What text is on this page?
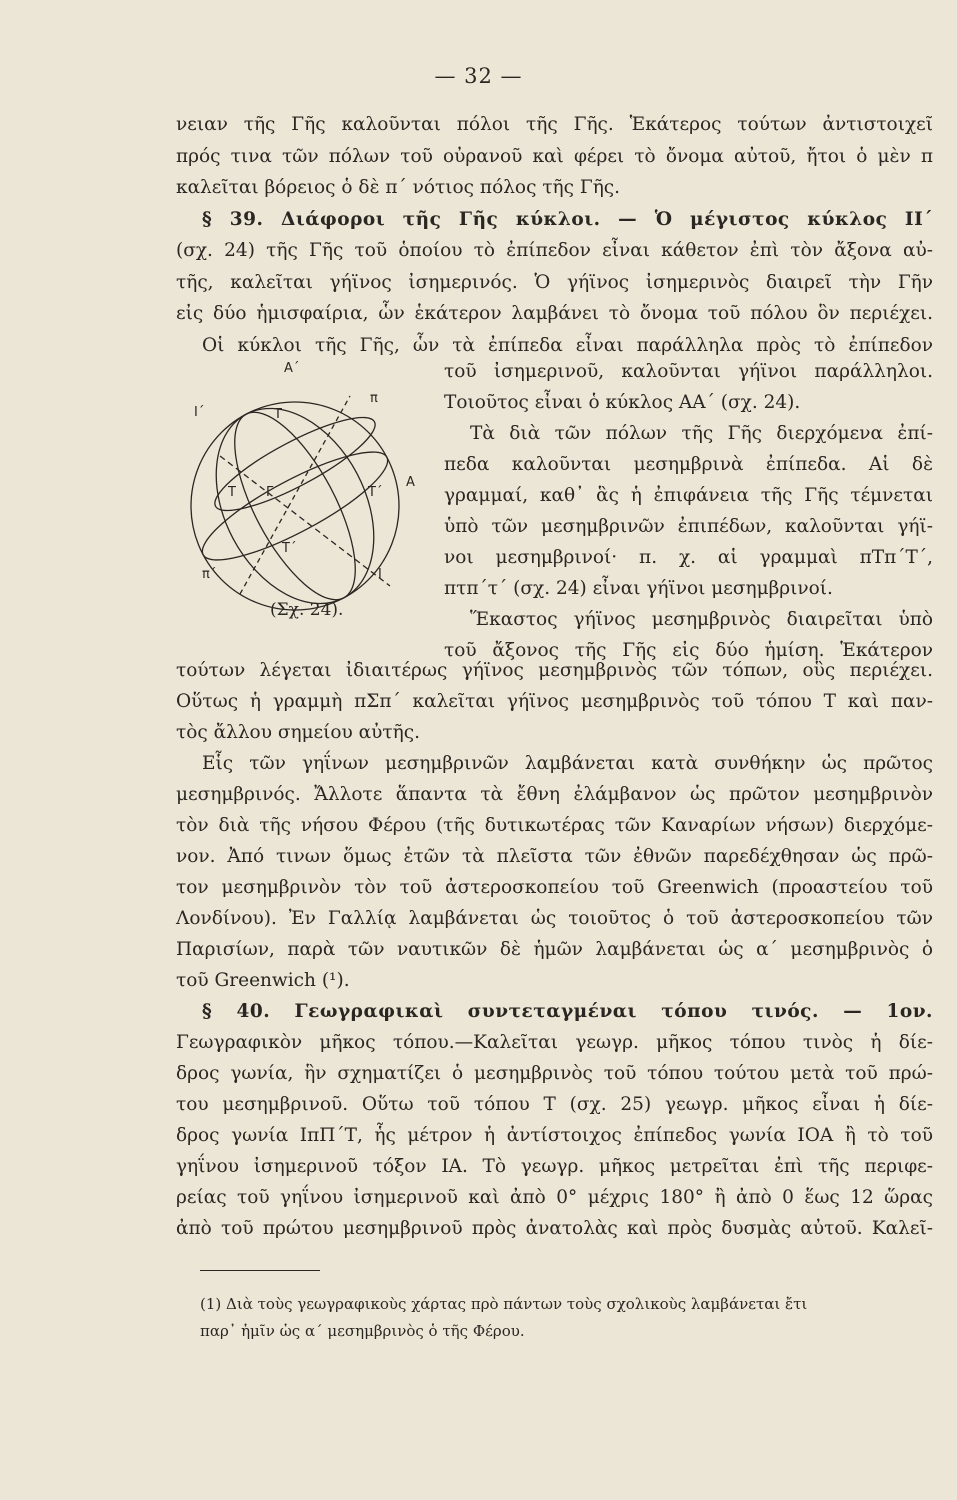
— 32 —
νειαν τῆς Γῆς καλοῦνται πόλοι τῆς Γῆς. Ἑκάτερος τούτων ἀντιστοιχεῖ
πρός τινα τῶν πόλων τοῦ οὐρανοῦ καὶ φέρει τὸ ὄνομα αὐτοῦ, ἤτοι ὁ μὲν π
καλεῖται βόρειος ὁ δὲ π΄ νότιος πόλος τῆς Γῆς.
§ 39. Διάφοροι τῆς Γῆς κύκλοι. — Ὁ μέγιστος κύκλος ΙΙ΄
(σχ. 24) τῆς Γῆς τοῦ ὁποίου τὸ ἐπίπεδον εἶναι κάθετον ἐπὶ τὸν ἄξονα αὐ-
τῆς, καλεῖται γήϊνος ἰσημερινός. Ὁ γήϊνος ἰσημερινὸς διαιρεῖ τὴν Γῆν
εἰς δύο ἡμισφαίρια, ὧν ἑκάτερον λαμβάνει τὸ ὄνομα τοῦ πόλου ὃν περιέχει.
Οἱ κύκλοι τῆς Γῆς, ὧν τὰ ἐπίπεδα εἶναι παράλληλα πρὸς τὸ ἐπίπεδον
τοῦ ἰσημερινοῦ, καλοῦνται γήϊνοι παράλληλοι.
Τοιοῦτος εἶναι ὁ κύκλος ΑΑ΄ (σχ. 24).
Τὰ διὰ τῶν πόλων τῆς Γῆς διερχόμενα ἐπί-
πεδα καλοῦνται μεσημβρινὰ ἐπίπεδα. Αἱ δὲ
γραμμαί, καθ᾽ ἃς ἡ ἐπιφάνεια τῆς Γῆς τέμνεται
ὑπὸ τῶν μεσημβρινῶν ἐπιπέδων, καλοῦνται γήϊ-
νοι μεσημβρινοί· π. χ. αἱ γραμμαὶ πΤπ΄Τ΄,
πτπ΄τ΄ (σχ. 24) εἶναι γήϊνοι μεσημβρινοί.
Ἕκαστος γήϊνος μεσημβρινὸς διαιρεῖται ὑπὸ
τοῦ ἄξονος τῆς Γῆς εἰς δύο ἡμίση. Ἑκάτερον
τούτων λέγεται ἰδιαιτέρως γήϊνος μεσημβρινὸς τῶν τόπων, οὓς περιέχει.
Οὕτως ἡ γραμμὴ πΣπ΄ καλεῖται γήϊνος μεσημβρινὸς τοῦ τόπου Τ καὶ παν-
τὸς ἄλλου σημείου αὐτῆς.
Εἷς τῶν γηΐνων μεσημβρινῶν λαμβάνεται κατὰ συνθήκην ὡς πρῶτος
μεσημβρινός. Ἄλλοτε ἅπαντα τὰ ἔθνη ἐλάμβανον ὡς πρῶτον μεσημβρινὸν
τὸν διὰ τῆς νήσου Φέρου (τῆς δυτικωτέρας τῶν Καναρίων νήσων) διερχόμε-
νον. Ἀπό τινων ὅμως ἐτῶν τὰ πλεῖστα τῶν ἐθνῶν παρεδέχθησαν ὡς πρῶ-
τον μεσημβρινὸν τὸν τοῦ ἀστεροσκοπείου τοῦ Greenwich (προαστείου τοῦ
Λονδίνου). Ἐν Γαλλίᾳ λαμβάνεται ὡς τοιοῦτος ὁ τοῦ ἀστεροσκοπείου τῶν
Παρισίων, παρὰ τῶν ναυτικῶν δὲ ἡμῶν λαμβάνεται ὡς α΄ μεσημβρινὸς ὁ
τοῦ Greenwich (¹).
§ 40. Γεωγραφικαὶ συντεταγμέναι τόπου τινός. — 1ον.
Γεωγραφικὸν μῆκος τόπου.—Καλεῖται γεωγρ. μῆκος τόπου τινὸς ἡ δίε-
δρος γωνία, ἣν σχηματίζει ὁ μεσημβρινὸς τοῦ τόπου τούτου μετὰ τοῦ πρώ-
του μεσημβρινοῦ. Οὕτω τοῦ τόπου Τ (σχ. 25) γεωγρ. μῆκος εἶναι ἡ δίε-
δρος γωνία ΙπΠ΄Τ, ἧς μέτρον ἡ ἀντίστοιχος ἐπίπεδος γωνία ΙΟΑ ἢ τὸ τοῦ
γηΐνου ἰσημερινοῦ τόξον ΙΑ. Τὸ γεωγρ. μῆκος μετρεῖται ἐπὶ τῆς περιφε-
ρείας τοῦ γηΐνου ἰσημερινοῦ καὶ ἀπὸ 0° μέχρις 180° ἢ ἀπὸ 0 ἕως 12 ὥρας
ἀπὸ τοῦ πρώτου μεσημβρινοῦ πρὸς ἀνατολὰς καὶ πρὸς δυσμὰς αὐτοῦ. Καλεῖ-
Α΄
Ι΄	Τ
π
Τ Γ	Τ΄
Α
Τ΄
π΄	Ι
(Σχ. 24).
(1) Διὰ τοὺς γεωγραφικοὺς χάρτας πρὸ πάντων τοὺς σχολικοὺς λαμβάνεται ἔτι
παρ᾽ ἡμῖν ὡς α΄ μεσημβρινὸς ὁ τῆς Φέρου.
